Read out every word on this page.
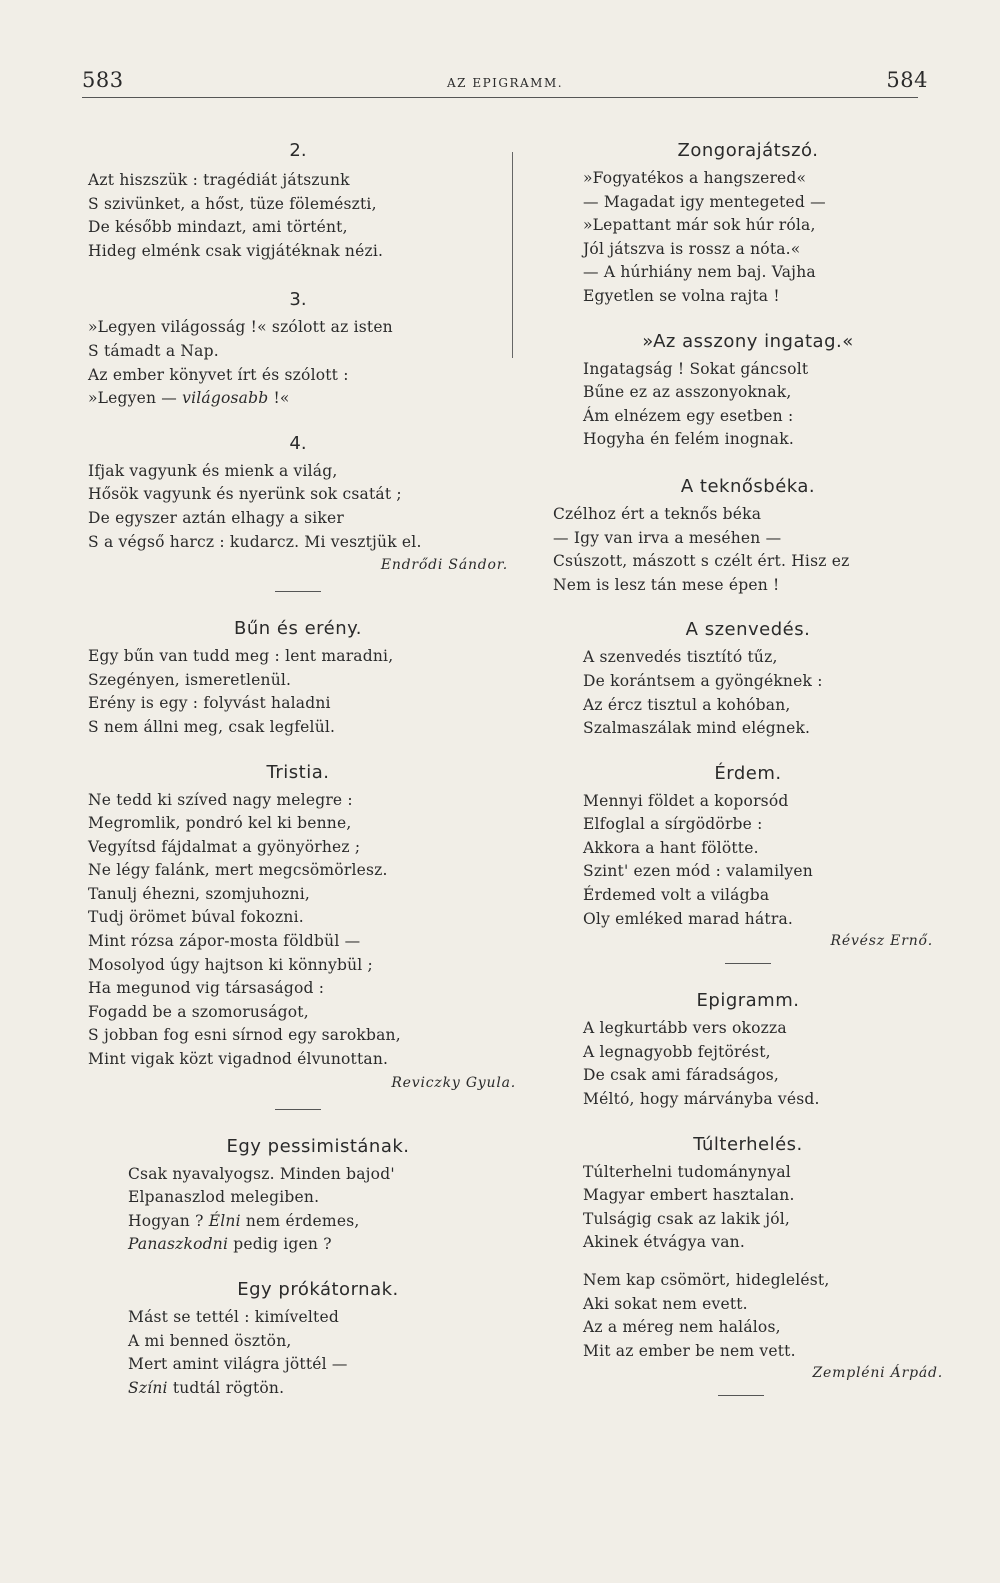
583	AZ EPIGRAMM.	584
2.
Azt hiszszük : tragédiát játszunk
S szivünket, a hőst, tüze fölemészti,
De később mindazt, ami történt,
Hideg elménk csak vigjátéknak nézi.
3.
»Legyen világosság !« szólott az isten
S támadt a Nap.
Az ember könyvet írt és szólott :
»Legyen — világosabb !«
4.
Ifjak vagyunk és mienk a világ,
Hősök vagyunk és nyerünk sok csatát ;
De egyszer aztán elhagy a siker
S a végső harcz : kudarcz. Mi vesztjük el.
Endrődi Sándor.
Bűn és erény.
Egy bűn van tudd meg : lent maradni,
Szegényen, ismeretlenül.
Erény is egy : folyvást haladni
S nem állni meg, csak legfelül.
Tristia.
Ne tedd ki szíved nagy melegre :
Megromlik, pondró kel ki benne,
Vegyítsd fájdalmat a gyönyörhez ;
Ne légy falánk, mert megcsömörlesz.
Tanulj éhezni, szomjuhozni,
Tudj örömet búval fokozni.
Mint rózsa zápor-mosta földbül —
Mosolyod úgy hajtson ki könnybül ;
Ha megunod vig társaságod :
Fogadd be a szomoruságot,
S jobban fog esni sírnod egy sarokban,
Mint vigak közt vigadnod élvunottan.
Reviczky Gyula.
Egy pessimistának.
Csak nyavalyogsz. Minden bajod'
Elpanaszlod melegiben.
Hogyan ? Élni nem érdemes,
Panaszkodni pedig igen ?
Egy prókátornak.
Mást se tettél : kimívelted
A mi benned ösztön,
Mert amint világra jöttél —
Színi tudtál rögtön.
Zongorajátszó.
»Fogyatékos a hangszered«
— Magadat igy mentegeted —
»Lepattant már sok húr róla,
Jól játszva is rossz a nóta.«
— A húrhiány nem baj. Vajha
Egyetlen se volna rajta !
»Az asszony ingatag.«
Ingatagság ! Sokat gáncsolt
Bűne ez az asszonyoknak,
Ám elnézem egy esetben :
Hogyha én felém inognak.
A teknősbéka.
Czélhoz ért a teknős béka
— Igy van irva a meséhen —
Csúszott, mászott s czélt ért. Hisz ez
Nem is lesz tán mese épen !
A szenvedés.
A szenvedés tisztító tűz,
De korántsem a gyöngéknek :
Az ércz tisztul a kohóban,
Szalmaszálak mind elégnek.
Érdem.
Mennyi földet a koporsód
Elfoglal a sírgödörbe :
Akkora a hant fölötte.
Szint' ezen mód : valamilyen
Érdemed volt a világba
Oly emléked marad hátra.
Révész Ernő.
Epigramm.
A legkurtább vers okozza
A legnagyobb fejtörést,
De csak ami fáradságos,
Méltó, hogy márványba vésd.
Túlterhelés.
Túlterhelni tudománynyal
Magyar embert hasztalan.
Tulságig csak az lakik jól,
Akinek étvágya van.
Nem kap csömört, hideglelést,
Aki sokat nem evett.
Az a méreg nem halálos,
Mit az ember be nem vett.
Zempléni Árpád.
